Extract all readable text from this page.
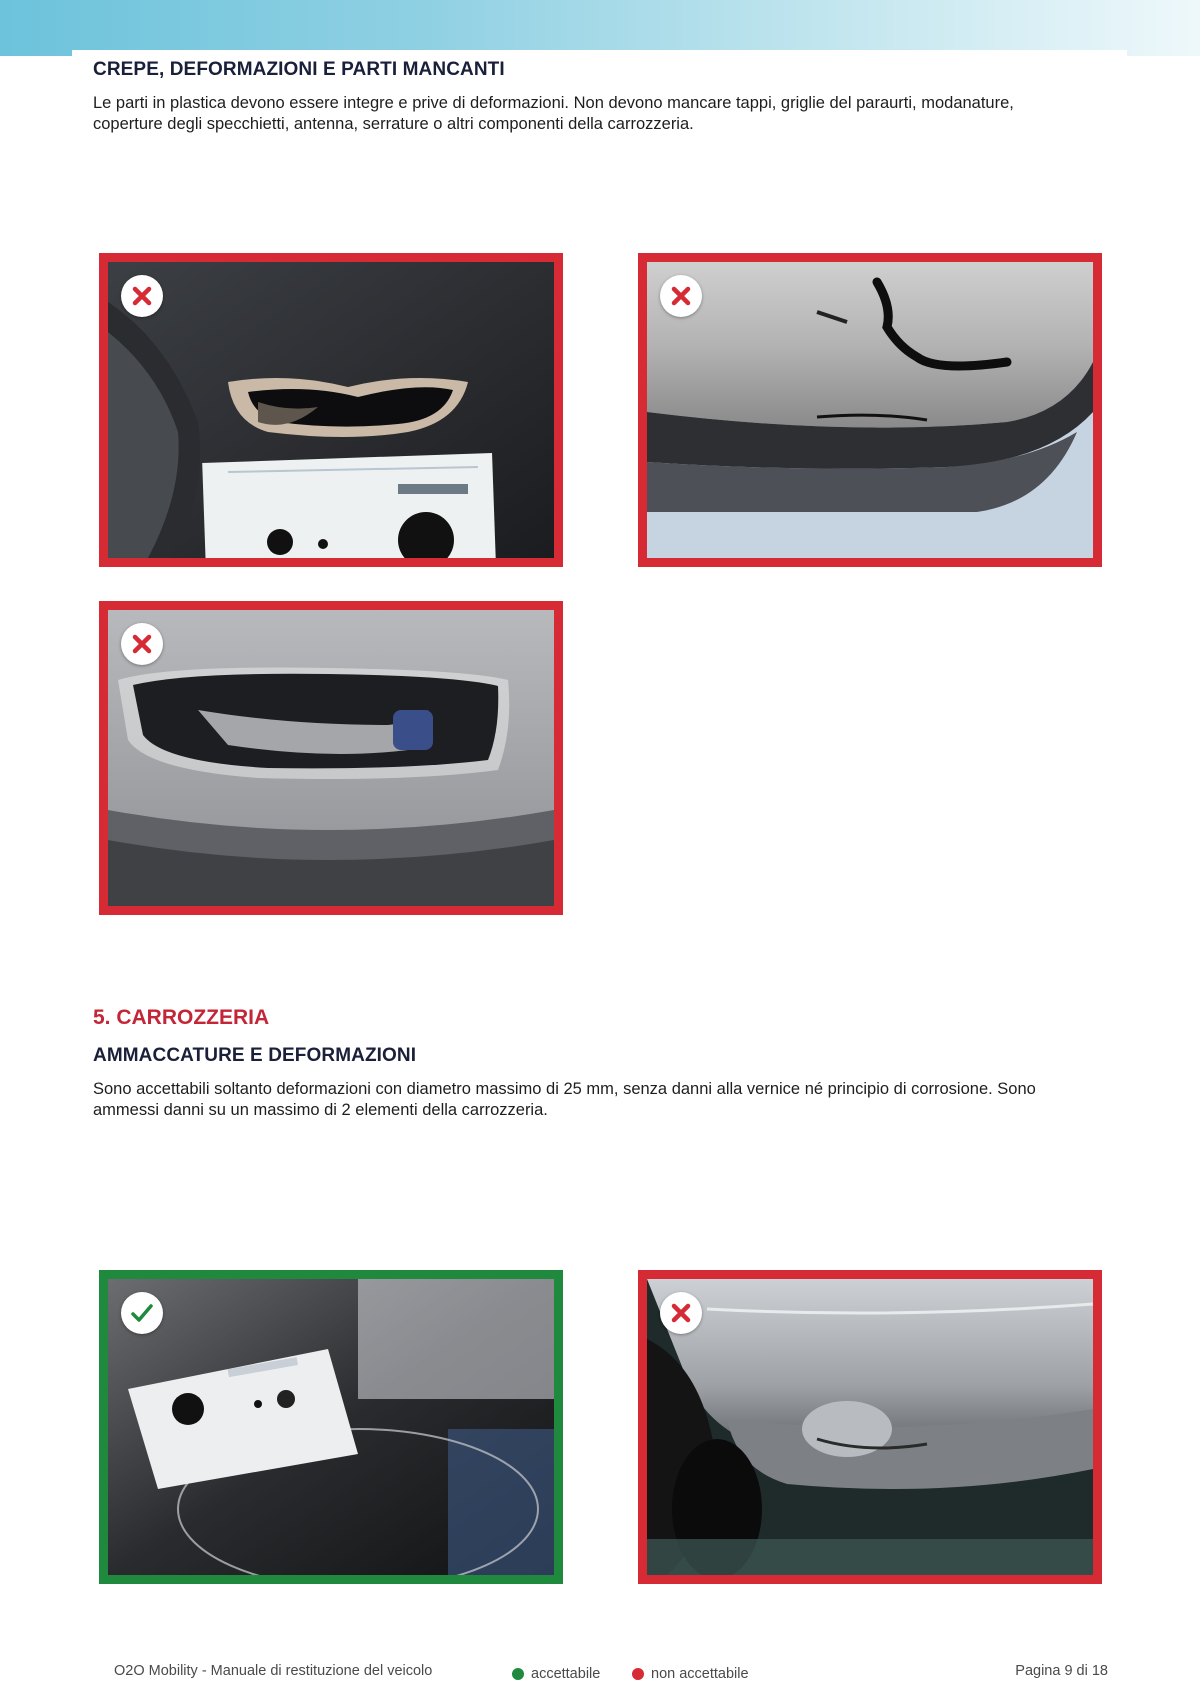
CREPE, DEFORMAZIONI E PARTI MANCANTI

Le parti in plastica devono essere integre e prive di deformazioni. Non devono mancare tappi, griglie del paraurti, modanature, coperture degli specchietti, antenna, serrature o altri componenti della carrozzeria.

5. CARROZZERIA
AMMACCATURE E DEFORMAZIONI

Sono accettabili soltanto deformazioni con diametro massimo di 25 mm, senza danni alla vernice né principio di corrosione. Sono ammessi danni su un massimo di 2 elementi della carrozzeria.

O2O Mobility - Manuale di restituzione del veicolo	accettabile	non accettabile	Pagina 9 di 18
